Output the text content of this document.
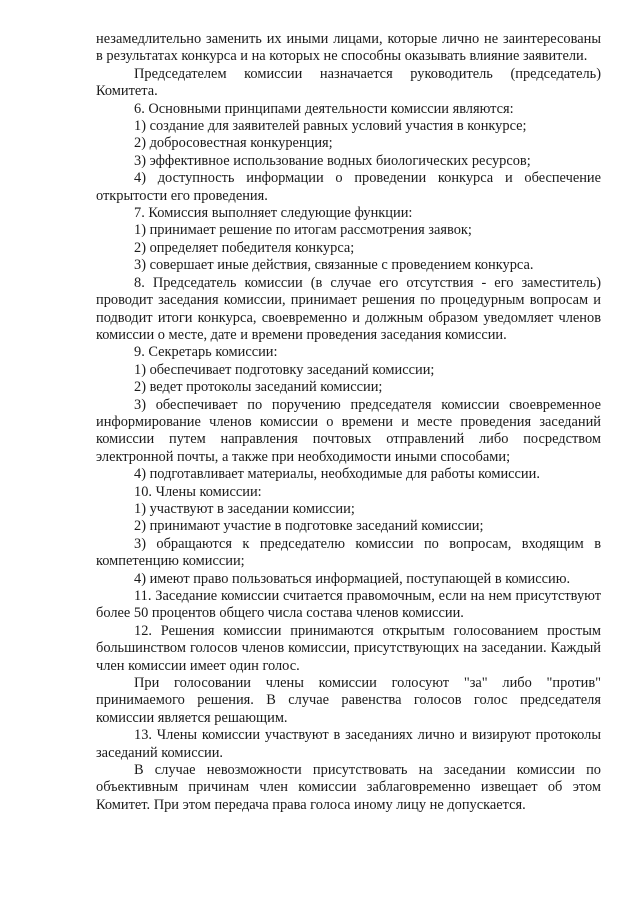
незамедлительно заменить их иными лицами, которые лично не заинтересованы в результатах конкурса и на которых не способны оказывать влияние заявители.

Председателем комиссии назначается руководитель (председатель) Комитета.

6. Основными принципами деятельности комиссии являются:

1) создание для заявителей равных условий участия в конкурсе;

2) добросовестная конкуренция;

3) эффективное использование водных биологических ресурсов;

4) доступность информации о проведении конкурса и обеспечение открытости его проведения.

7. Комиссия выполняет следующие функции:

1) принимает решение по итогам рассмотрения заявок;

2) определяет победителя конкурса;

3) совершает иные действия, связанные с проведением конкурса.

8. Председатель комиссии (в случае его отсутствия - его заместитель) проводит заседания комиссии, принимает решения по процедурным вопросам и подводит итоги конкурса, своевременно и должным образом уведомляет членов комиссии о месте, дате и времени проведения заседания комиссии.

9. Секретарь комиссии:

1) обеспечивает подготовку заседаний комиссии;

2) ведет протоколы заседаний комиссии;

3) обеспечивает по поручению председателя комиссии своевременное информирование членов комиссии о времени и месте проведения заседаний комиссии путем направления почтовых отправлений либо посредством электронной почты, а также при необходимости иными способами;

4) подготавливает материалы, необходимые для работы комиссии.

10. Члены комиссии:

1) участвуют в заседании комиссии;

2) принимают участие в подготовке заседаний комиссии;

3) обращаются к председателю комиссии по вопросам, входящим в компетенцию комиссии;

4) имеют право пользоваться информацией, поступающей в комиссию.

11. Заседание комиссии считается правомочным, если на нем присутствуют более 50 процентов общего числа состава членов комиссии.

12. Решения комиссии принимаются открытым голосованием простым большинством голосов членов комиссии, присутствующих на заседании. Каждый член комиссии имеет один голос.

При голосовании члены комиссии голосуют "за" либо "против" принимаемого решения. В случае равенства голосов голос председателя комиссии является решающим.

13. Члены комиссии участвуют в заседаниях лично и визируют протоколы заседаний комиссии.

В случае невозможности присутствовать на заседании комиссии по объективным причинам член комиссии заблаговременно извещает об этом Комитет. При этом передача права голоса иному лицу не допускается.
